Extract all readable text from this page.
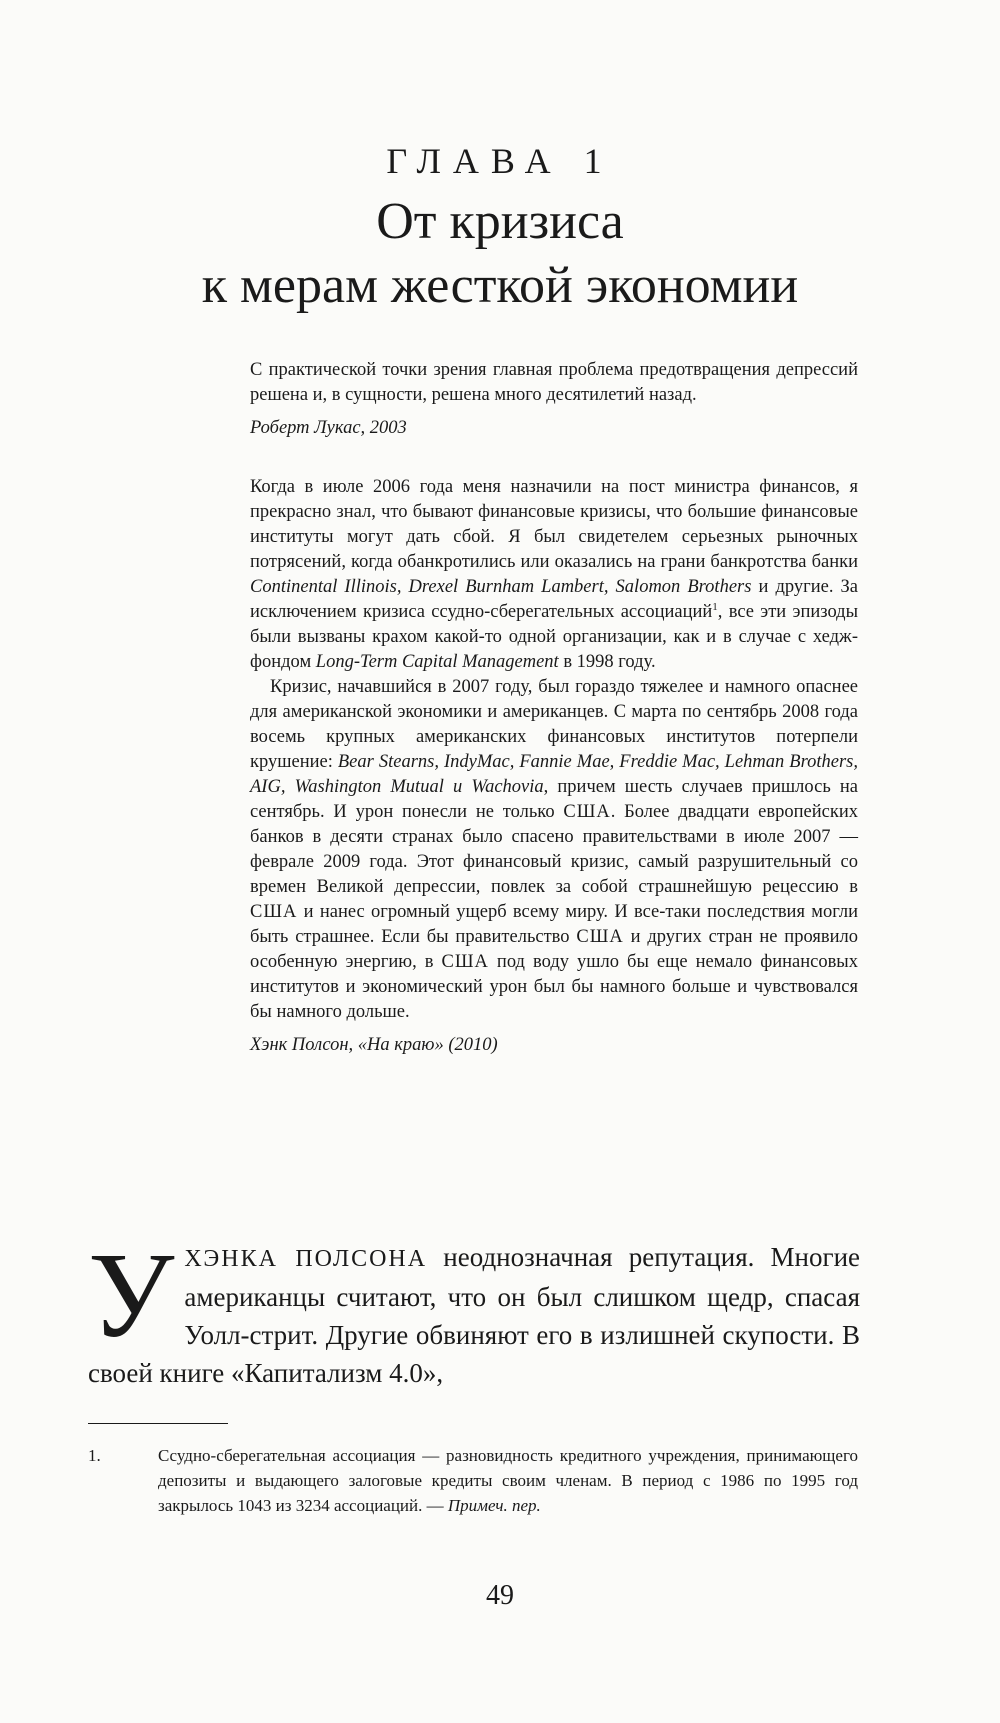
ГЛАВА 1
От кризиса
к мерам жесткой экономии

С практической точки зрения главная проблема предотвращения депрессий решена и, в сущности, решена много десятилетий назад.

Роберт Лукас, 2003

Когда в июле 2006 года меня назначили на пост министра финансов, я прекрасно знал, что бывают финансовые кризисы, что большие финансовые институты могут дать сбой. Я был свидетелем серьезных рыночных потрясений, когда обанкротились или оказались на грани банкротства банки Continental Illinois, Drexel Burnham Lambert, Salomon Brothers и другие. За исключением кризиса ссудно-сберегательных ассоциаций$^1$, все эти эпизоды были вызваны крахом какой-то одной организации, как и в случае с хедж-фондом Long-Term Capital Management в 1998 году.

Кризис, начавшийся в 2007 году, был гораздо тяжелее и намного опаснее для американской экономики и американцев. С марта по сентябрь 2008 года восемь крупных американских финансовых институтов потерпели крушение: Bear Stearns, IndyMac, Fannie Mae, Freddie Mac, Lehman Brothers, AIG, Washington Mutual и Wachovia, причем шесть случаев пришлось на сентябрь. И урон понесли не только США. Более двадцати европейских банков в десяти странах было спасено правительствами в июле 2007 — феврале 2009 года. Этот финансовый кризис, самый разрушительный со времен Великой депрессии, повлек за собой страшнейшую рецессию в США и нанес огромный ущерб всему миру. И все-таки последствия могли быть страшнее. Если бы правительство США и других стран не проявило особенную энергию, в США под воду ушло бы еще немало финансовых институтов и экономический урон был бы намного больше и чувствовался бы намного дольше.

Хэнк Полсон, «На краю» (2010)

УХЭНКА ПОЛСОНА неоднозначная репутация. Многие американцы считают, что он был слишком щедр, спасая Уолл-стрит. Другие обвиняют его в излишней скупости. В своей книге «Капитализм 4.0»,
1.	Ссудно-сберегательная ассоциация — разновидность кредитного учреждения, принимающего депозиты и выдающего залоговые кредиты своим членам. В период с 1986 по 1995 год закрылось 1043 из 3234 ассоциаций. — Примеч. пер.
49
